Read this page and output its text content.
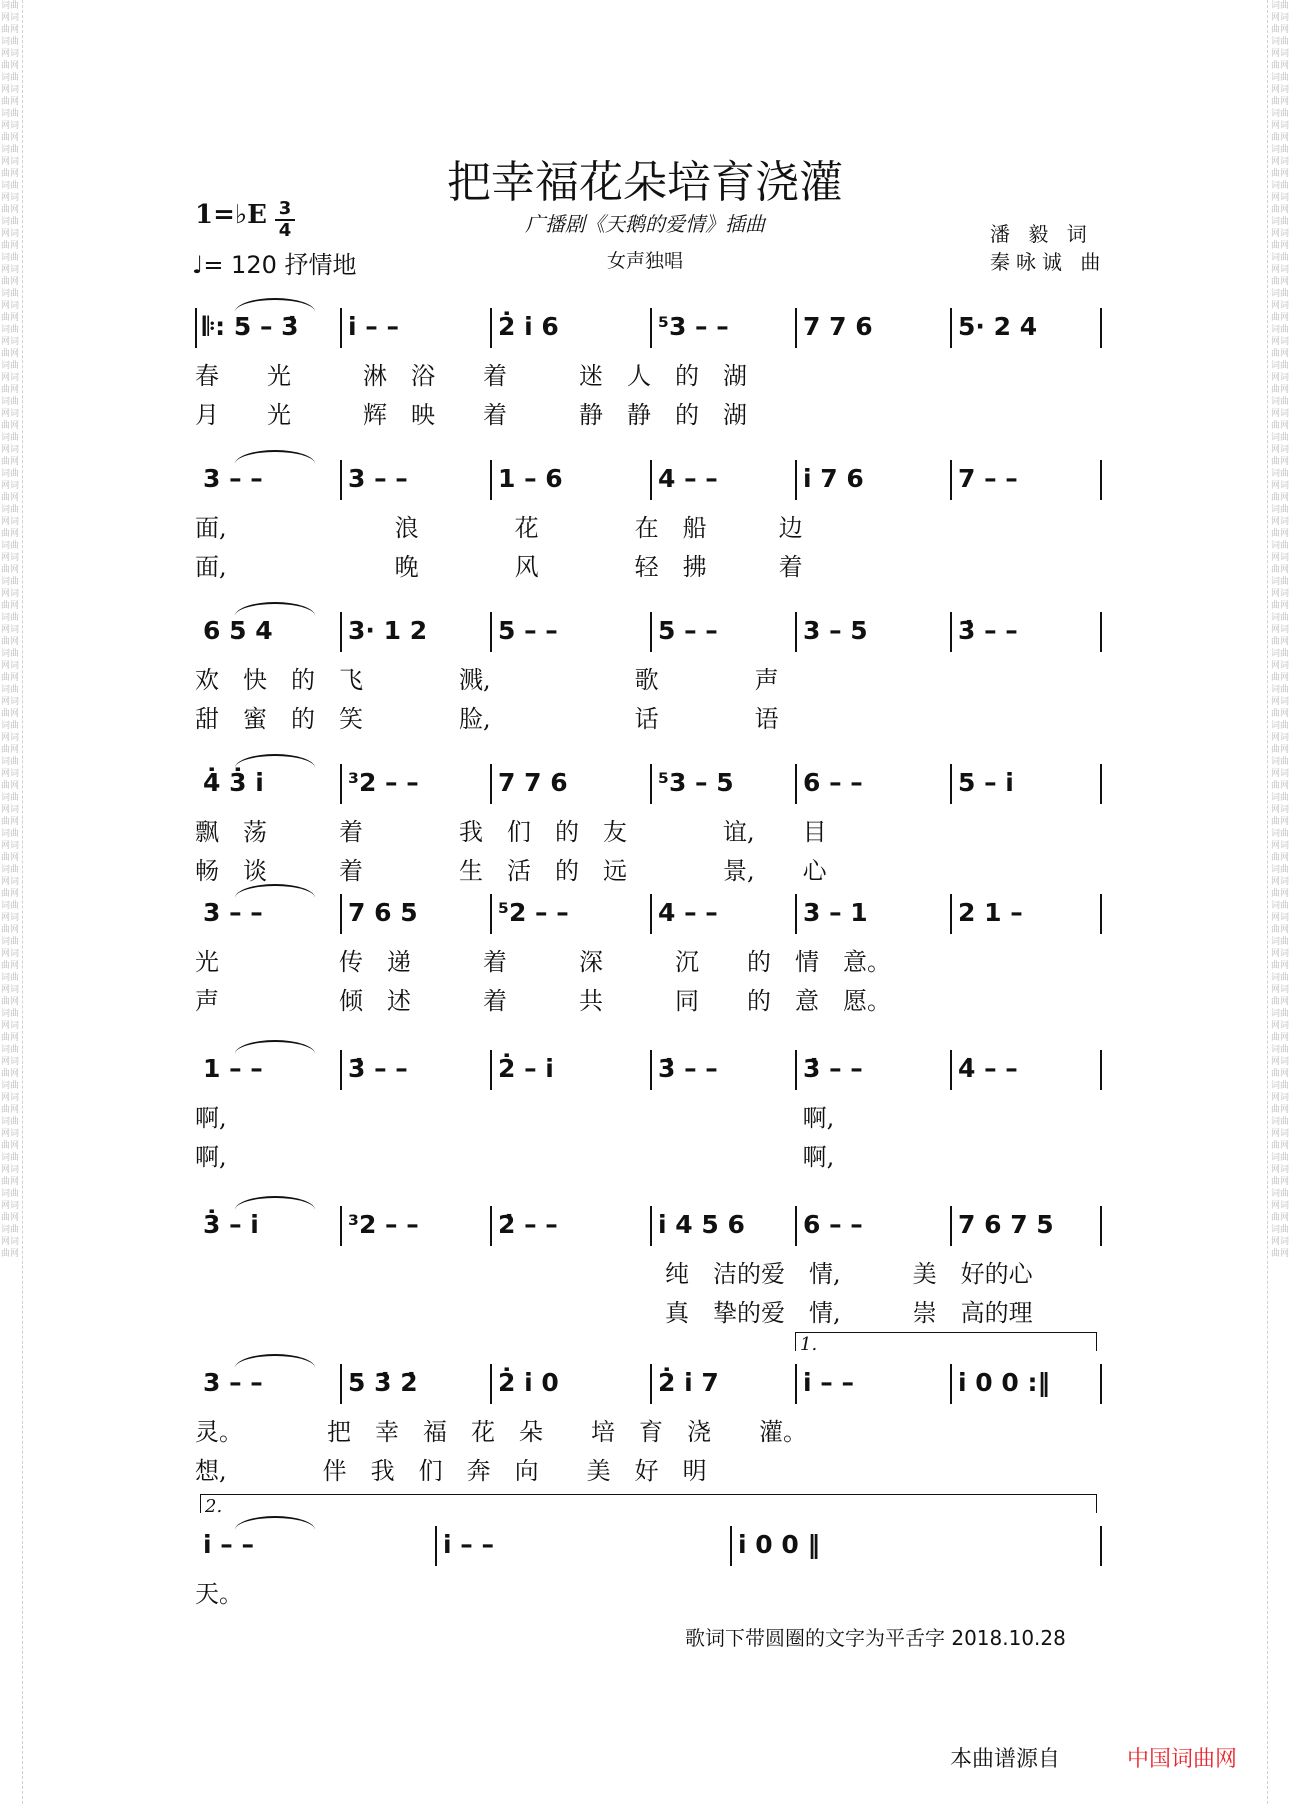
词曲网词曲网词曲网词曲网词曲网词曲网词曲网词曲网词曲网词曲网词曲网词曲网词曲网词曲网词曲网词曲网词曲网词曲网词曲网词曲网词曲网词曲网词曲网词曲网词曲网词曲网词曲网词曲网词曲网词曲网词曲网词曲网词曲网词曲网词曲网词曲网词曲网词曲网词曲网词曲网词曲网词曲网词曲网词曲网词曲网词曲网词曲网词曲网词曲网词曲网词曲网词曲网词曲网词曲网词曲网词曲网词曲网词曲网词曲网词曲网词曲网词曲网词曲网词曲网词曲网词曲网词曲网词曲网词曲网词曲网
词曲网词曲网词曲网词曲网词曲网词曲网词曲网词曲网词曲网词曲网词曲网词曲网词曲网词曲网词曲网词曲网词曲网词曲网词曲网词曲网词曲网词曲网词曲网词曲网词曲网词曲网词曲网词曲网词曲网词曲网词曲网词曲网词曲网词曲网词曲网词曲网词曲网词曲网词曲网词曲网词曲网词曲网词曲网词曲网词曲网词曲网词曲网词曲网词曲网词曲网词曲网词曲网词曲网词曲网词曲网词曲网词曲网词曲网词曲网词曲网词曲网词曲网词曲网词曲网词曲网词曲网词曲网词曲网词曲网词曲网
把幸福花朵培育浇灌
1=♭E 3
4
♩= 120 抒情地
广播剧《天鹅的爱情》插曲
女声独唱
潘 毅 词
秦咏诚 曲
𝄆: 5 – 3̇	i – –	2̇ i 6	⁵3 – –	7 7 6	5· 2 4
春　　光　　　淋　浴　　着　　　迷　人　的　湖
月　　光　　　辉　映　　着　　　静　静　的　湖
3 – –	3 – –	1 – 6	4 – –	i 7 6	7 – –
面,　　　　　　　浪　　　　花　　　　在　船　　　边
面,　　　　　　　晚　　　　风　　　　轻　拂　　　着
6 5 4	3· 1 2	5 – –	5 – –	3 – 5	3̇ – –
欢　快　的　飞　　　　溅,　　　　　　歌　　　　声
甜　蜜　的　笑　　　　脸,　　　　　　话　　　　语
4̇ 3̇ i	³2 – –	7 7 6	⁵3 – 5	6 – –	5 – i
飘　荡　　　着　　　　我　们　的　友　　　　谊,　　目
畅　谈　　　着　　　　生　活　的　远　　　　景,　　心
3 – –	7 6 5	⁵2 – –	4 – –	3 – 1	2 1 –
光　　　　　传　递　　　着　　　深　　　沉　　的　情　意。
声　　　　　倾　述　　　着　　　共　　　同　　的　意　愿。
1 – –	3̇ – –	2̇ – i	3̇ – –	3̇ – –	4̇ – –
啊,　　　　　　　　　　　　　　　　　　　　　　　　啊,
啊,　　　　　　　　　　　　　　　　　　　　　　　　啊,
3̇ – i	³2 – –	2̇ – –	i 4 5 6	6 – –	7 6 7 5
纯　洁的爱　情,　　　美　好的心
真　挚的爱　情,　　　崇　高的理
3 – –	5 3̇ 2̇	2̇ i 0	2̇ i 7	i – –	i 0 0 :‖
1.
灵。　　　　把　幸　福　花　朵　　培　育　浇　　灌。
想,　　　　伴　我　们　奔　向　　美　好　明
i – –	i – –	i 0 0 ‖
2.
天。
歌词下带圆圈的文字为平舌字 2018.10.28
本曲谱源自	中国词曲网
